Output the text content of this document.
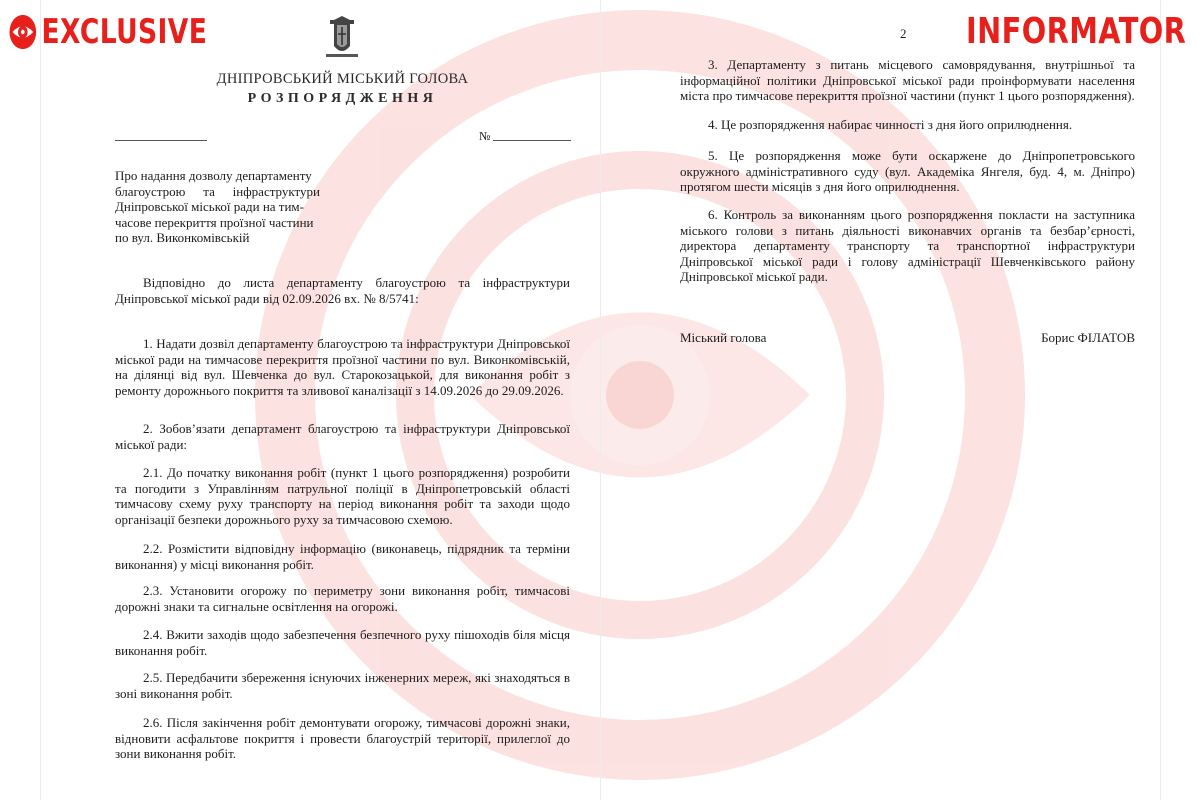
EXCLUSIVE	INFORMATOR
ДНІПРОВСЬКИЙ МІСЬКИЙ ГОЛОВА
РОЗПОРЯДЖЕННЯ
№
Про надання дозволу департаменту
благоустрою та інфраструктури
Дніпровської міської ради на тим-
часове перекриття проїзної частини
по вул. Виконкомівській

Відповідно до листа департаменту благоустрою та інфраструктури Дніпровської міської ради від 02.09.2026 вх. № 8/5741:

1. Надати дозвіл департаменту благоустрою та інфраструктури Дніпровської міської ради на тимчасове перекриття проїзної частини по вул. Виконкомівській, на ділянці від вул. Шевченка до вул. Старокозацькой, для виконання робіт з ремонту дорожнього покриття та зливової каналізації з 14.09.2026 до 29.09.2026.

2. Зобов’язати департамент благоустрою та інфраструктури Дніпровської міської ради:

2.1. До початку виконання робіт (пункт 1 цього розпорядження) розробити та погодити з Управлінням патрульної поліції в Дніпропетровській області тимчасову схему руху транспорту на період виконання робіт та заходи щодо організації безпеки дорожнього руху за тимчасовою схемою.

2.2. Розмістити відповідну інформацію (виконавець, підрядник та терміни виконання) у місці виконання робіт.

2.3. Установити огорожу по периметру зони виконання робіт, тимчасові дорожні знаки та сигнальне освітлення на огорожі.

2.4. Вжити заходів щодо забезпечення безпечного руху пішоходів біля місця виконання робіт.

2.5. Передбачити збереження існуючих інженерних мереж, які знаходяться в зоні виконання робіт.

2.6. Після закінчення робіт демонтувати огорожу, тимчасові дорожні знаки, відновити асфальтове покриття і провести благоустрій території, прилеглої до зони виконання робіт.

2

3. Департаменту з питань місцевого самоврядування, внутрішньої та інформаційної політики Дніпровської міської ради проінформувати населення міста про тимчасове перекриття проїзної частини (пункт 1 цього розпорядження).

4. Це розпорядження набирає чинності з дня його оприлюднення.

5. Це розпорядження може бути оскаржене до Дніпропетровського окружного адміністративного суду (вул. Академіка Янгеля, буд. 4, м. Дніпро) протягом шести місяців з дня його оприлюднення.

6. Контроль за виконанням цього розпорядження покласти на заступника міського голови з питань діяльності виконавчих органів та безбар’єрності, директора департаменту транспорту та транспортної інфраструктури Дніпровської міської ради і голову адміністрації Шевченківського району Дніпровської міської ради.

Міський голова	Борис ФІЛАТОВ
